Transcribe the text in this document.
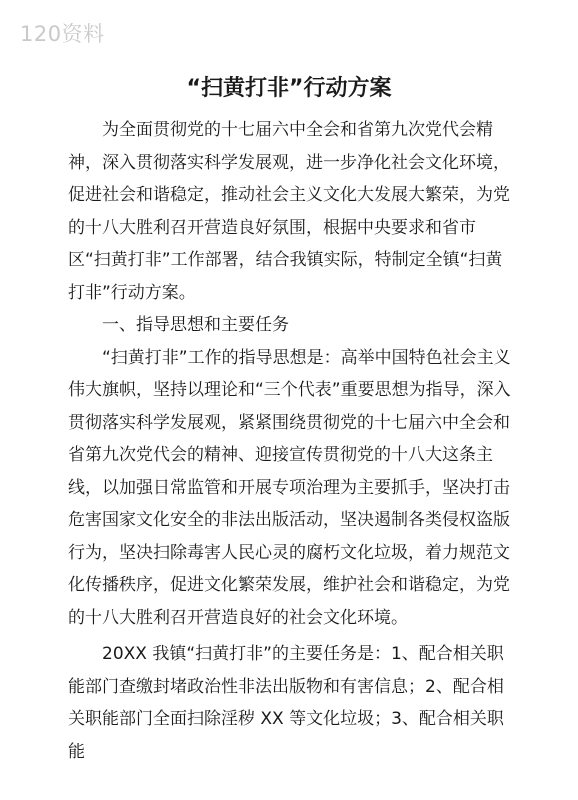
120资料
“扫黄打非”行动方案

为全面贯彻党的十七届六中全会和省第九次党代会精神，深入贯彻落实科学发展观，进一步净化社会文化环境，促进社会和谐稳定，推动社会主义文化大发展大繁荣，为党的十八大胜利召开营造良好氛围，根据中央要求和省市区“扫黄打非”工作部署，结合我镇实际，特制定全镇“扫黄打非”行动方案。

一、指导思想和主要任务

“扫黄打非”工作的指导思想是：高举中国特色社会主义伟大旗帜，坚持以理论和“三个代表”重要思想为指导，深入贯彻落实科学发展观，紧紧围绕贯彻党的十七届六中全会和省第九次党代会的精神、迎接宣传贯彻党的十八大这条主线，以加强日常监管和开展专项治理为主要抓手，坚决打击危害国家文化安全的非法出版活动，坚决遏制各类侵权盗版行为，坚决扫除毒害人民心灵的腐朽文化垃圾，着力规范文化传播秩序，促进文化繁荣发展，维护社会和谐稳定，为党的十八大胜利召开营造良好的社会文化环境。

20XX 我镇“扫黄打非”的主要任务是：1、配合相关职能部门查缴封堵政治性非法出版物和有害信息；2、配合相关职能部门全面扫除淫秽 XX 等文化垃圾；3、配合相关职能
